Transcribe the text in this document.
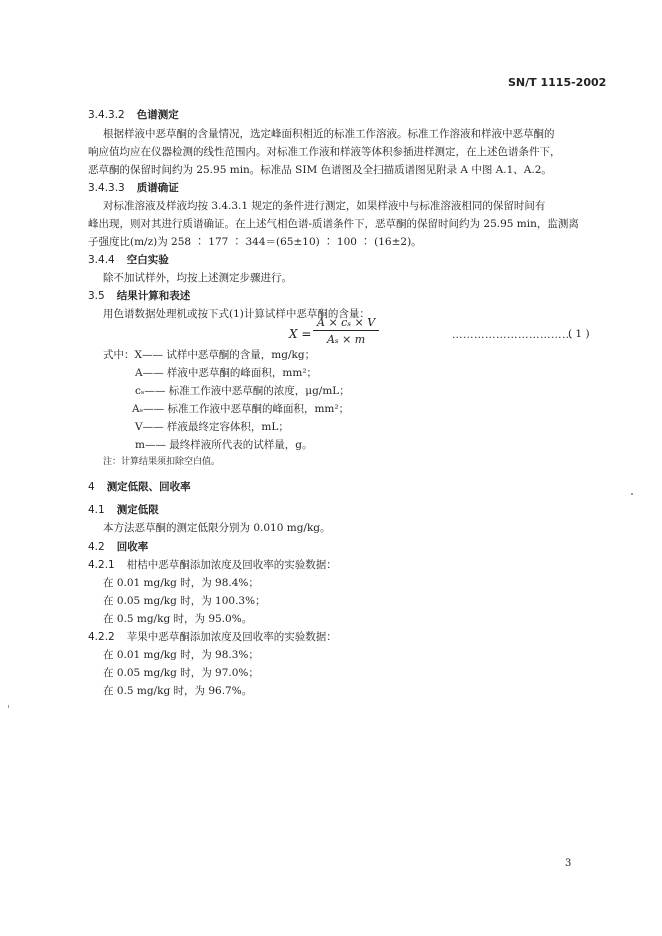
SN/T 1115-2002
3.4.3.2 色谱测定
根据样液中恶草酮的含量情况，选定峰面积相近的标准工作溶液。标准工作溶液和样液中恶草酮的
响应值均应在仪器检测的线性范围内。对标准工作液和样液等体积参插进样测定，在上述色谱条件下，
恶草酮的保留时间约为 25.95 min。标准品 SIM 色谱图及全扫描质谱图见附录 A 中图 A.1、A.2。
3.4.3.3 质谱确证
对标准溶液及样液均按 3.4.3.1 规定的条件进行测定，如果样液中与标准溶液相同的保留时间有
峰出现，则对其进行质谱确证。在上述气相色谱-质谱条件下，恶草酮的保留时间约为 25.95 min，监测离
子强度比(m/z)为 258 ∶ 177 ∶ 344＝(65±10) ∶ 100 ∶ (16±2)。
3.4.4 空白实验
除不加试样外，均按上述测定步骤进行。
3.5 结果计算和表述
用色谱数据处理机或按下式(1)计算试样中恶草酮的含量：
$X = \frac{\text{A × cₛ × V}}{\text{Aₛ × m}}$	……………………………
( 1 )
式中：X—— 试样中恶草酮的含量，mg/kg；
A—— 样液中恶草酮的峰面积，mm²；
cₛ—— 标准工作液中恶草酮的浓度，μg/mL；
Aₛ—— 标准工作液中恶草酮的峰面积，mm²；
V—— 样液最终定容体积，mL；
m—— 最终样液所代表的试样量，g。
注：计算结果须扣除空白值。
4 测定低限、回收率
4.1 测定低限
本方法恶草酮的测定低限分别为 0.010 mg/kg。
4.2 回收率
4.2.1 柑桔中恶草酮添加浓度及回收率的实验数据：
在 0.01 mg/kg 时，为 98.4%；
在 0.05 mg/kg 时，为 100.3%；
在 0.5 mg/kg 时，为 95.0%。
4.2.2 苹果中恶草酮添加浓度及回收率的实验数据：
在 0.01 mg/kg 时，为 98.3%；
在 0.05 mg/kg 时，为 97.0%；
在 0.5 mg/kg 时，为 96.7%。
3
